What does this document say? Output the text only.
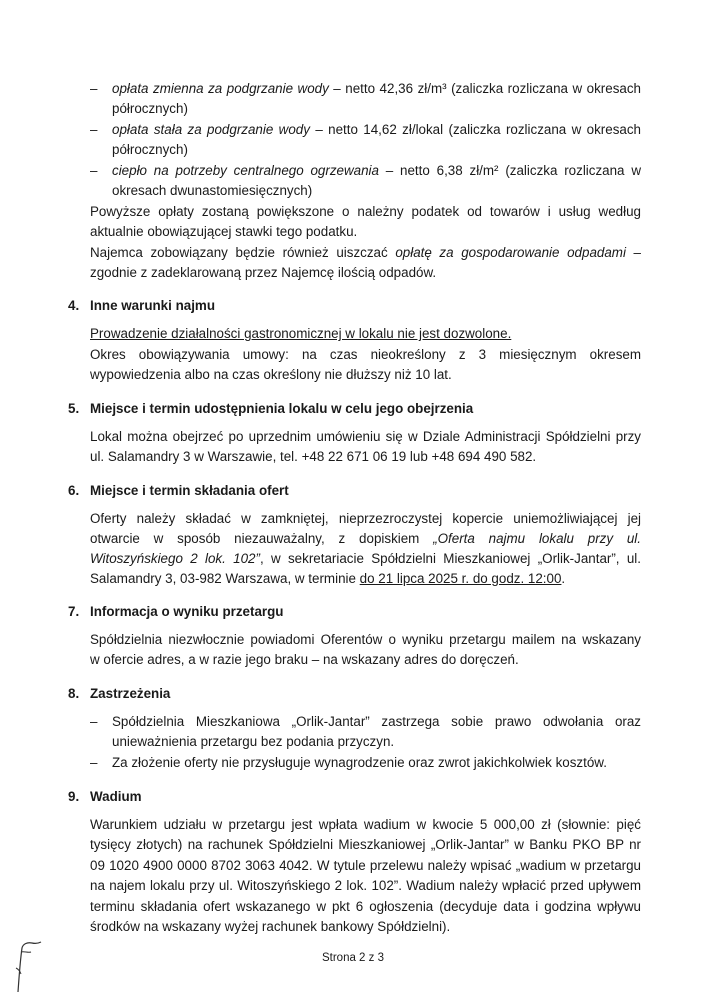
– opłata zmienna za podgrzanie wody – netto 42,36 zł/m³ (zaliczka rozliczana w okresach
półrocznych)
– opłata stała za podgrzanie wody – netto 14,62 zł/lokal (zaliczka rozliczana w okresach
półrocznych)
– ciepło na potrzeby centralnego ogrzewania – netto 6,38 zł/m² (zaliczka rozliczana w
okresach dwunastomiesięcznych)
Powyższe opłaty zostaną powiększone o należny podatek od towarów i usług według
aktualnie obowiązującej stawki tego podatku.
Najemca zobowiązany będzie również uiszczać opłatę za gospodarowanie odpadami –
zgodnie z zadeklarowaną przez Najemcę ilością odpadów.
4. Inne warunki najmu
Prowadzenie działalności gastronomicznej w lokalu nie jest dozwolone.
Okres obowiązywania umowy: na czas nieokreślony z 3 miesięcznym okresem
wypowiedzenia albo na czas określony nie dłuższy niż 10 lat.
5. Miejsce i termin udostępnienia lokalu w celu jego obejrzenia
Lokal można obejrzeć po uprzednim umówieniu się w Dziale Administracji Spółdzielni przy
ul. Salamandry 3 w Warszawie, tel. +48 22 671 06 19 lub +48 694 490 582.
6. Miejsce i termin składania ofert
Oferty należy składać w zamkniętej, nieprzezroczystej kopercie uniemożliwiającej jej
otwarcie w sposób niezauważalny, z dopiskiem „Oferta najmu lokalu przy ul.
Witoszyńskiego 2 lok. 102”, w sekretariacie Spółdzielni Mieszkaniowej „Orlik-Jantar”, ul.
Salamandry 3, 03-982 Warszawa, w terminie do 21 lipca 2025 r. do godz. 12:00.
7. Informacja o wyniku przetargu
Spółdzielnia niezwłocznie powiadomi Oferentów o wyniku przetargu mailem na wskazany
w ofercie adres, a w razie jego braku – na wskazany adres do doręczeń.
8. Zastrzeżenia
– Spółdzielnia Mieszkaniowa „Orlik-Jantar” zastrzega sobie prawo odwołania oraz
unieważnienia przetargu bez podania przyczyn.
– Za złożenie oferty nie przysługuje wynagrodzenie oraz zwrot jakichkolwiek kosztów.
9. Wadium
Warunkiem udziału w przetargu jest wpłata wadium w kwocie 5 000,00 zł (słownie: pięć
tysięcy złotych) na rachunek Spółdzielni Mieszkaniowej „Orlik-Jantar” w Banku PKO BP nr
09 1020 4900 0000 8702 3063 4042. W tytule przelewu należy wpisać „wadium w przetargu
na najem lokalu przy ul. Witoszyńskiego 2 lok. 102”. Wadium należy wpłacić przed upływem
terminu składania ofert wskazanego w pkt 6 ogłoszenia (decyduje data i godzina wpływu
środków na wskazany wyżej rachunek bankowy Spółdzielni).
Strona 2 z 3
